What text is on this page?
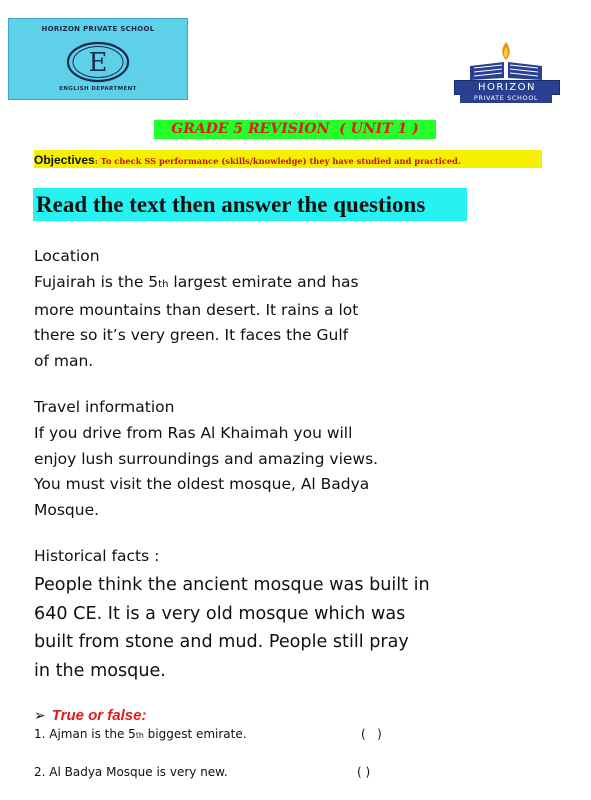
HORIZON PRIVATE SCHOOL
E
ENGLISH DEPARTMENT	HORIZON
PRIVATE SCHOOL
GRADE 5 REVISION  ( UNIT 1 )
Objectives: To check SS performance (skills/knowledge) they have studied and practiced.
Read the text then answer the questions
Location
Fujairah is the 5th largest emirate and has
more mountains than desert. It rains a lot
there so it’s very green. It faces the Gulf
of man.
Travel information
If you drive from Ras Al Khaimah you will
enjoy lush surroundings and amazing views.
You must visit the oldest mosque, Al Badya
Mosque.
Historical facts :
People think the ancient mosque was built in
640 CE. It is a very old mosque which was
built from stone and mud. People still pray
in the mosque.
➢ True or false:
1. Ajman is the 5th biggest emirate.	(   )
2. Al Badya Mosque is very new.	( )
